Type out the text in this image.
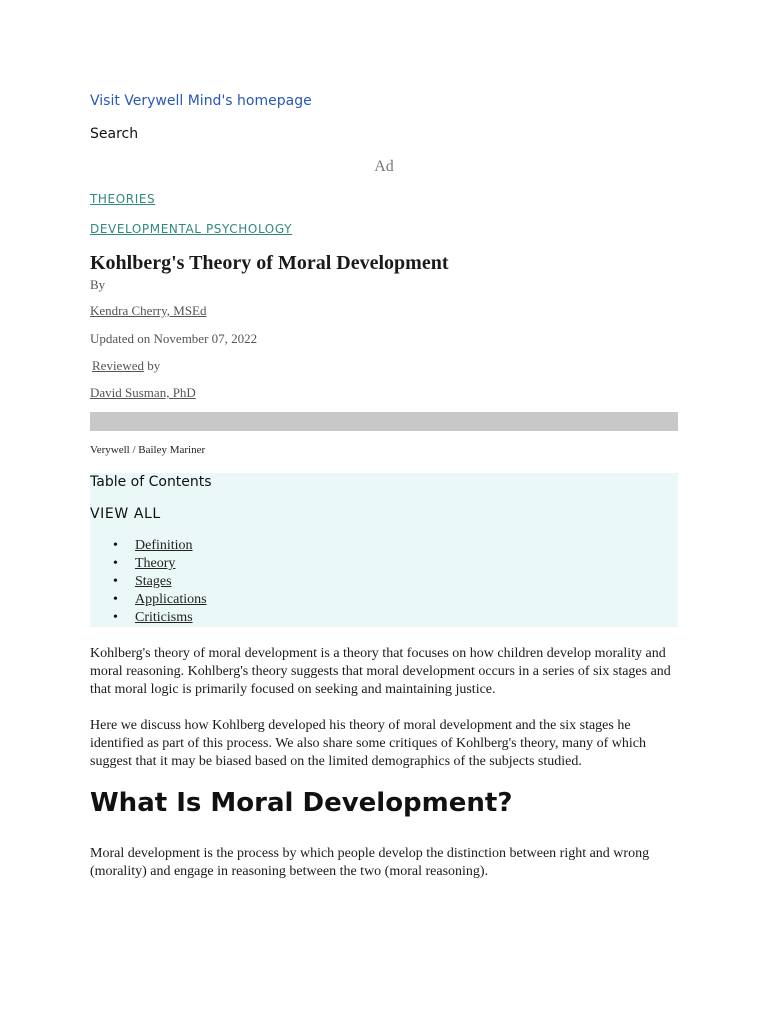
Visit Verywell Mind's homepage
Search
Ad
THEORIES
DEVELOPMENTAL PSYCHOLOGY
Kohlberg's Theory of Moral Development
By
Kendra Cherry, MSEd
Updated on November 07, 2022
Reviewed by
David Susman, PhD
Verywell / Bailey Mariner
Table of Contents
VIEW ALL
• Definition
• Theory
• Stages
• Applications
• Criticisms

Kohlberg's theory of moral development is a theory that focuses on how children develop morality and moral reasoning. Kohlberg's theory suggests that moral development occurs in a series of six stages and that moral logic is primarily focused on seeking and maintaining justice.

Here we discuss how Kohlberg developed his theory of moral development and the six stages he identified as part of this process. We also share some critiques of Kohlberg's theory, many of which suggest that it may be biased based on the limited demographics of the subjects studied.

What Is Moral Development?

Moral development is the process by which people develop the distinction between right and wrong (morality) and engage in reasoning between the two (moral reasoning).
